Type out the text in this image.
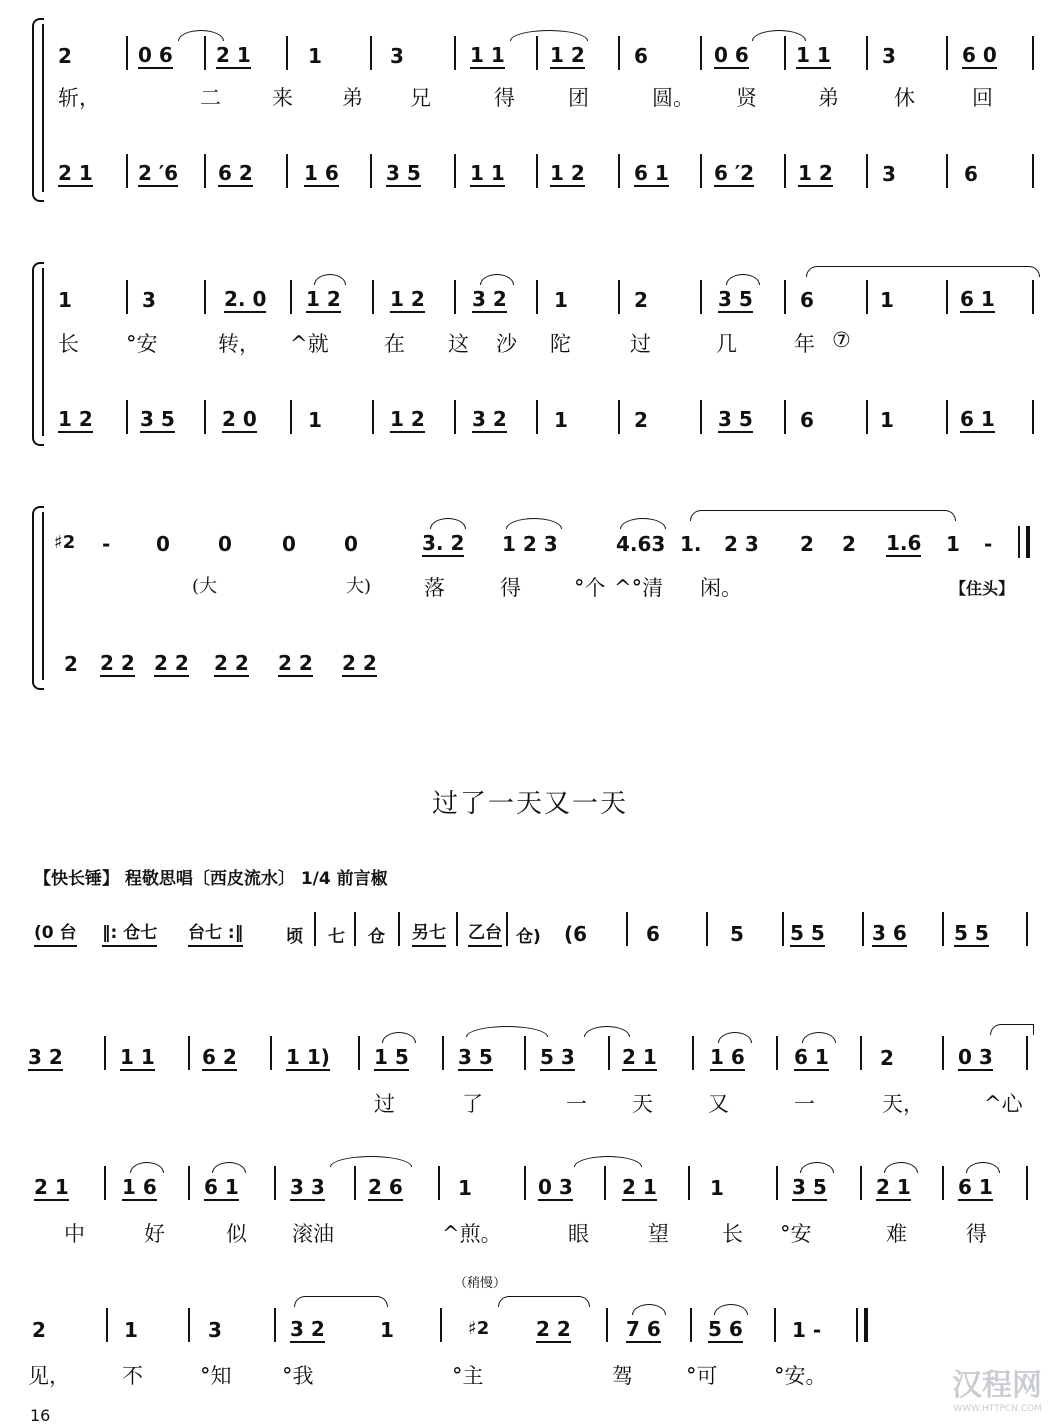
2	0 6 2 1	1	3	1 1 1 2 6	0 6 1 1	3	6 0
斩，	二 来 弟 兄	得	团	圆。 贤	弟	休	回
2 1 2 ′6 6 2	1 6 3 5 1 1 1 2 6 1 6 ′2 1 2 3	6
1	3	2. 0 1 2 1 2 3 2 1	2	3 5 6	1	6 1
长 °安	转， ^就	在 这 沙 陀	过	几	年 ⑦
1 2 3 5 2 0	1	1 2 3 2 1	2	3 5 6	1	6 1
♯2 - 0 0	0 0	3. 2 1 2 3	4.63 1. 2 3 2 2 1.6 1 -
(大	大)	落	得	°个 ^°清 闲。	【住头】
2 2 2 2 2 2 2 2 2 2 2
过了一天又一天
【快长锤】 程敬思唱〔西皮流水〕 1/4 前言椒
(0 台 ‖: 仓七 台七 :‖	顷 七 仓 另七 乙台 仓) (6	6	5 5 5 3 6 5 5
3 2	1 1 6 2 1 1) 1 5 3 5 5 3 2 1	1 6 6 1	2	0 3
过	了	一 天	又	一	天，	^心
2 1	1 6 6 1	3 3 2 6	1	0 3 2 1	1	3 5 2 1 6 1
中	好	似 滚油	^煎。	眼	望	长 °安	难	得
（稍慢）
2	1	3	3 2	1	♯2 2 2	7 6 5 6 1 -
见， 不	°知 °我	°主	驾	°可	°安。
16
汉程网
WWW.HTTPCN.COM
